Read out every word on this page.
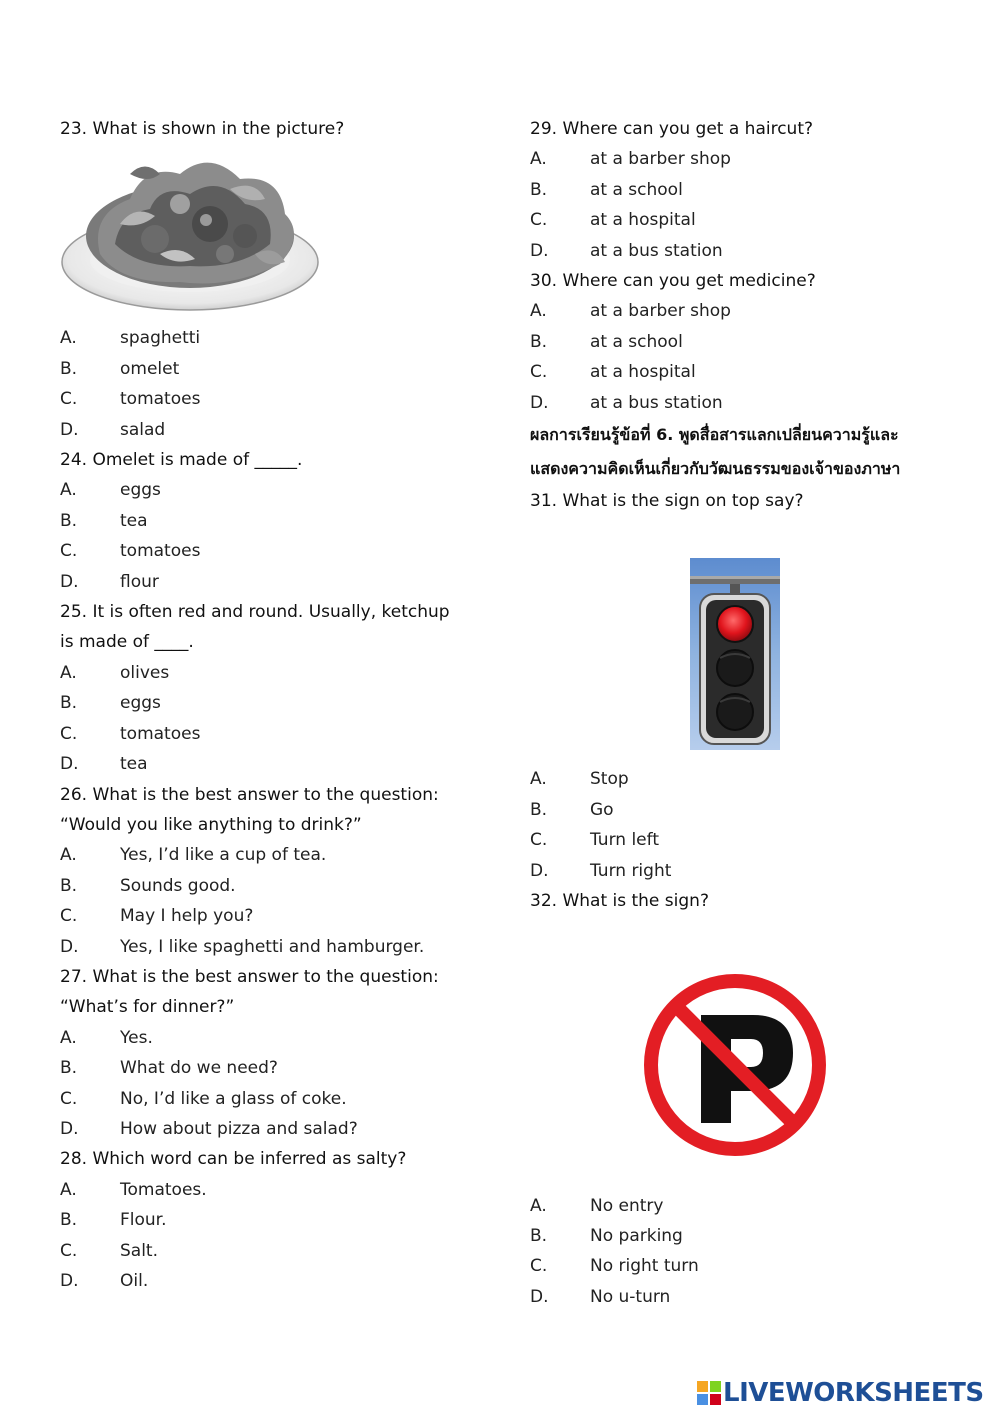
23. What is shown in the picture?

A.	spaghetti
B.	omelet
C.	tomatoes
D.	salad

24. Omelet is made of _____.

A.	eggs
B.	tea
C.	tomatoes
D.	flour

25. It is often red and round. Usually, ketchup

is made of ____.

A.	olives
B.	eggs
C.	tomatoes
D.	tea

26. What is the best answer to the question:

“Would you like anything to drink?”

A.	Yes, I’d like a cup of tea.
B.	Sounds good.
C.	May I help you?
D.	Yes, I like spaghetti and hamburger.

27. What is the best answer to the question:

“What’s for dinner?”

A.	Yes.
B.	What do we need?
C.	No, I’d like a glass of coke.
D.	How about pizza and salad?

28. Which word can be inferred as salty?

A.	Tomatoes.
B.	Flour.
C.	Salt.
D.	Oil.

29. Where can you get a haircut?

A.	at a barber shop
B.	at a school
C.	at a hospital
D.	at a bus station

30. Where can you get medicine?

A.	at a barber shop
B.	at a school
C.	at a hospital
D.	at a bus station
ผลการเรียนรู้ข้อที่ 6. พูดสื่อสารแลกเปลี่ยนความรู้และ
แสดงความคิดเห็นเกี่ยวกับวัฒนธรรมของเจ้าของภาษา

31. What is the sign on top say?

A.	Stop
B.	Go
C.	Turn left
D.	Turn right

32. What is the sign?

A.	No entry
B.	No parking
C.	No right turn
D.	No u-turn
LIVEWORKSHEETS
